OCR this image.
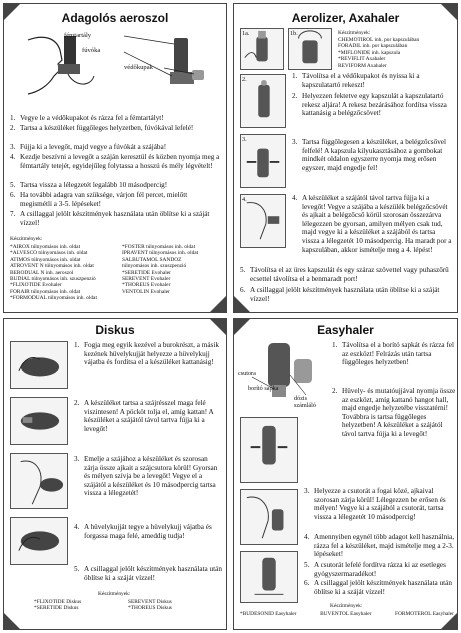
Adagolós aeroszol
fémtartály
fúvóka
védőkupak
1. Vegye le a védőkupakot és rázza fel a fémtartályt!
2. Tartsa a készüléket függőleges helyzetben, fúvókával lefelé!
3. Fújja ki a levegőt, majd vegye a fúvókát a szájába!
4. Kezdje beszívni a levegőt a száján keresztül és közben nyomja meg a fémtartály tetejét, egyidejűleg folytassa a hosszú és mély légvételt!
5. Tartsa vissza a lélegzetét legalább 10 másodpercig!
6. Ha további adagra van szüksége, várjon fél percet, mielőtt megismétli a 3-5. lépéseket!
7. A csillaggal jelölt készítmények használata után öblítse ki a száját vízzel!
Készítmények:
*AIROX túlnyomásos inh. oldat
*ALVESCO túlnyomásos inh. oldat
ATIMOS túlnyomásos inh. oldat
ATROVENT N túlnyomásos inh. oldat
BERODUAL N inh. aeroszol
BUDIAL túlnyomásos inh. szuszpenzió
*FLIXOTIDE Evohaler
FORAIR túlnyomásos inh. oldat
*FORMODUAL túlnyomásos inh. oldat
*FOSTER túlnyomásos inh. oldat
IPRAVENT túlnyomásos inh. oldat
SALBUTAMOL SANDOZ
túlnyomásos inh. szuszpenzió
*SERETIDE Evohaler
SEREVENT Evohaler
*THOREUS Evohaler
VENTOLIN Evohaler
Aerolizer, Axahaler
1a.	1b.	Készítmények:
CHEMOTIROL inh. por kapszulában
FORADIL inh. por kapszulában
*MIFLONIDE inh. kapszula
*REVIFLIT Axahaler
REVIFORM Axahaler
2.
3.
4.
1. Távolítsa el a védőkupakot és nyissa ki a kapszulatartó rekeszt!
2. Helyezzen fektetve egy kapszulát a kapszulatartó rekesz aljára! A rekesz bezárásához fordítsa vissza kattanásig a belégzőcsövet!
3. Tartsa függőlegesen a készüléket, a belégzőcsővel felfelé! A kapszula kilyukasztásához a gombokat mindkét oldalon egyszerre nyomja meg erősen egyszer, majd engedje fel!
4. A készüléket a szájától távol tartva fújja ki a levegőt! Vegye a szájába a készülék belégzőcsövét és ajkait a belégzőcső körül szorosan összezárva lélegezzen be gyorsan, amilyen mélyen csak tud, majd vegye ki a készüléket a szájából és tartsa vissza a lélegzetét 10 másodpercig. Ha maradt por a kapszulában, akkor ismételje meg a 4. lépést!
5. Távolítsa el az üres kapszulát és egy száraz szövettel vagy puhaszőrű ecsettel távolítsa el a benmaradt port!
6. A csillaggal jelölt készítmények használata után öblítse ki a száját vízzel!
Diskus
1. Fogja meg egyik kezével a burokrészt, a másik kezének hüvelykujját helyezze a hüvelykujj vájatba és fordítsa el a készüléket kattanásig!
2. A készüléket tartsa a szájrésszel maga felé viszintesen! A pöcköt tolja el, amíg kattan! A készüléket a szájától távol tartva fújja ki a levegőt!
3. Emelje a szájához a készüléket és szorosan zárja össze ajkait a szájcsutora körül! Gyorsan és mélyen szívja be a levegőt! Vegye el a szájától a készüléket és 10 másodpercig tartsa vissza a lélegzetét!
4. A hüvelykujját tegye a hüvelykujj vájatba és forgassa maga felé, ameddig tudja!
5. A csillaggal jelölt készítmények használata után öblítse ki a száját vízzel!
Készítmények:
*FLIXOTIDE Diskus
*SERETIDE Diskus
SEREVENT Diskus
*THOREUS Diskus
Easyhaler
csutora
borító sapka
dózis számláló
1. Távolítsa el a borító sapkát és rázza fel az eszközt! Felrázás után tartsa függőleges helyzetben!
2. Hüvely- és mutatóujjával nyomja össze az eszközt, amíg kattanó hangot hall, majd engedje helyzetébe visszatérni! Továbbra is tartsa függőleges helyzetben! A készüléket a szájától távol tartva fújja ki a levegőt!
3. Helyezze a csutorát a fogai közé, ajkaival szorosan zárja körül! Lélegezzen be erősen és mélyen! Vegye ki a szájából a csutorát, tartsa vissza a lélegzetét 10 másodpercig!
4. Amennyiben egynél több adagot kell használnia, rázza fel a készüléket, majd ismételje meg a 2-3. lépéseket!
5. A csutorát lefelé fordítva rázza ki az esetleges gyógyszermaradékot!
6. A csillaggal jelölt készítmények használata után öblítse ki a száját vízzel!
Készítmények:
*BUDESONID Easyhaler	BUVENTOL Easyhaler	FORMOTEROL Easyhaler
